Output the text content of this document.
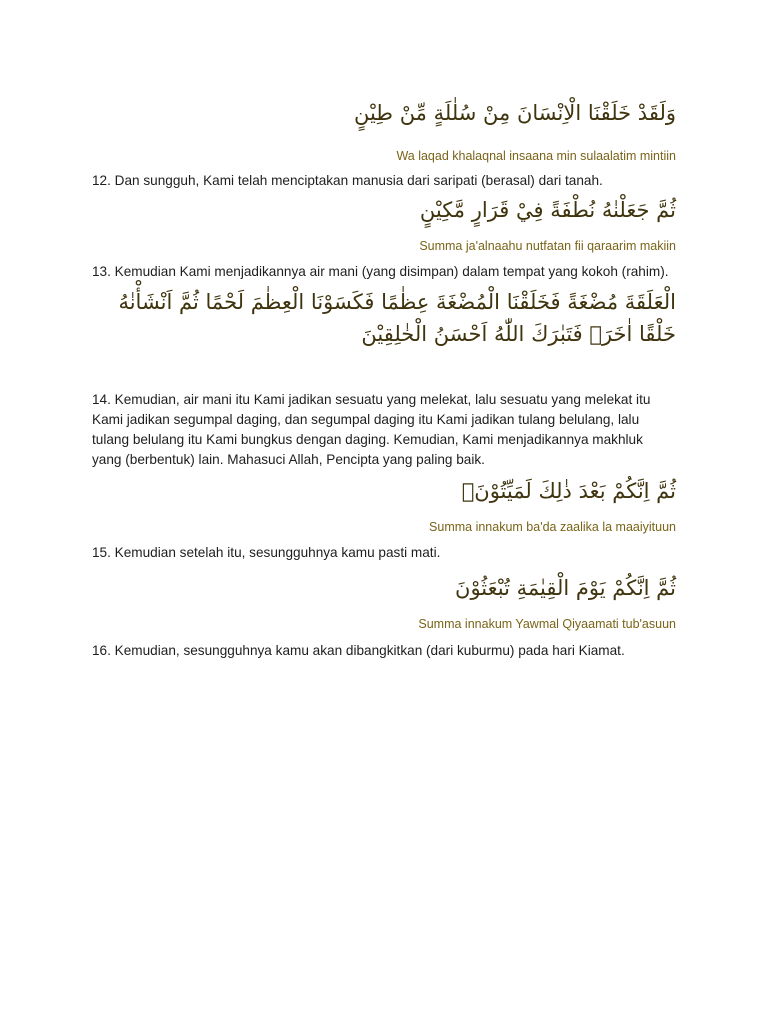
وَلَقَدْ خَلَقْنَا الْاِنْسَانَ مِنْ سُلٰلَةٍ مِّنْ طِيْنٍ

Wa laqad khalaqnal insaana min sulaalatim mintiin

12. Dan sungguh, Kami telah menciptakan manusia dari saripati (berasal) dari tanah.

ثُمَّ جَعَلْنٰهُ نُطْفَةً فِيْ قَرَارٍ مَّكِيْنٍ

Summa ja'alnaahu nutfatan fii qaraarim makiin

13. Kemudian Kami menjadikannya air mani (yang disimpan) dalam tempat yang kokoh (rahim).

الْعَلَقَةَ مُضْغَةً فَخَلَقْنَا الْمُضْغَةَ عِظٰمًا فَكَسَوْنَا الْعِظٰمَ لَحْمًا ثُمَّ اَنْشَأْنٰهُ خَلْقًا اٰخَرَۗ فَتَبٰرَكَ اللّٰهُ اَحْسَنُ الْخٰلِقِيْنَ

14. Kemudian, air mani itu Kami jadikan sesuatu yang melekat, lalu sesuatu yang melekat itu Kami jadikan segumpal daging, dan segumpal daging itu Kami jadikan tulang belulang, lalu tulang belulang itu Kami bungkus dengan daging. Kemudian, Kami menjadikannya makhluk yang (berbentuk) lain. Mahasuci Allah, Pencipta yang paling baik.

ثُمَّ اِنَّكُمْ بَعْدَ ذٰلِكَ لَمَيِّتُوْنَۗ

Summa innakum ba'da zaalika la maaiyituun

15. Kemudian setelah itu, sesungguhnya kamu pasti mati.

ثُمَّ اِنَّكُمْ يَوْمَ الْقِيٰمَةِ تُبْعَثُوْنَ

Summa innakum Yawmal Qiyaamati tub'asuun

16. Kemudian, sesungguhnya kamu akan dibangkitkan (dari kuburmu) pada hari Kiamat.
